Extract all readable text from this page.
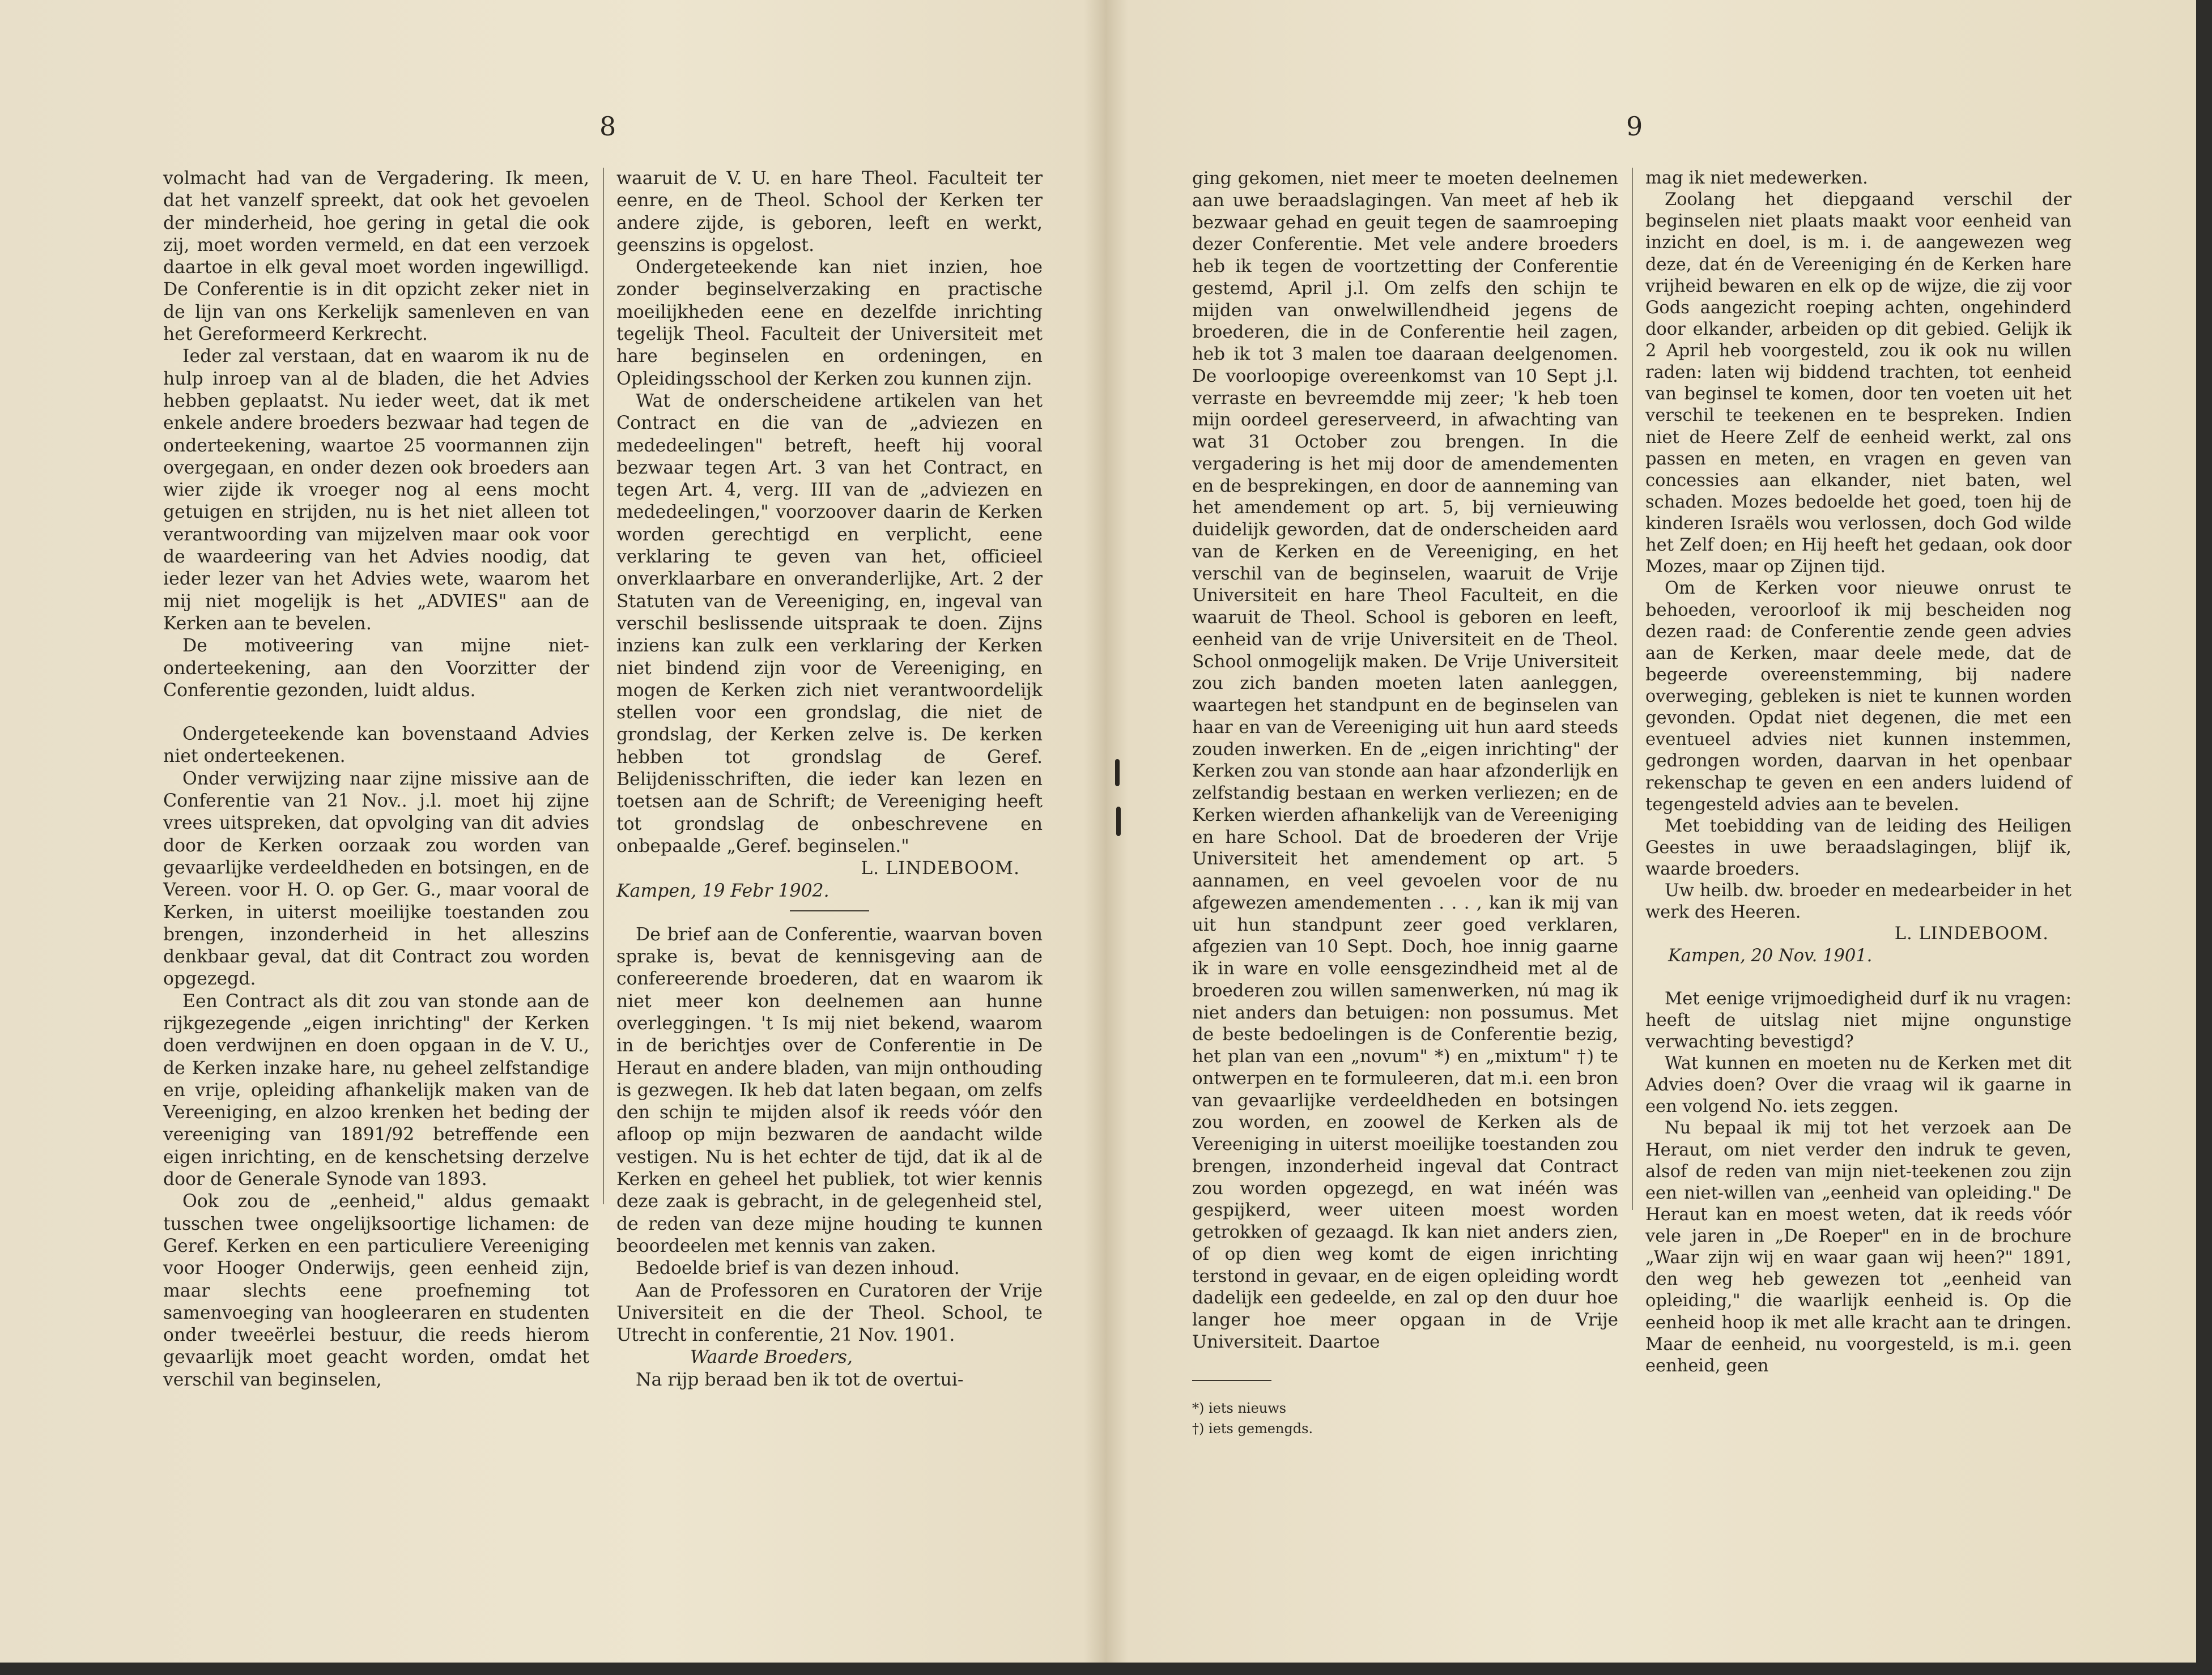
8	9

volmacht had van de Vergadering. Ik meen, dat het vanzelf spreekt, dat ook het gevoelen der minderheid, hoe gering in getal die ook zij, moet worden vermeld, en dat een verzoek daartoe in elk geval moet worden ingewilligd. De Conferentie is in dit opzicht zeker niet in de lijn van ons Kerkelijk samenleven en van het Gereformeerd Kerkrecht.

Ieder zal verstaan, dat en waarom ik nu de hulp inroep van al de bladen, die het Advies hebben geplaatst. Nu ieder weet, dat ik met enkele andere broeders bezwaar had tegen de onderteekening, waartoe 25 voormannen zijn overgegaan, en onder dezen ook broeders aan wier zijde ik vroeger nog al eens mocht getuigen en strijden, nu is het niet alleen tot verantwoording van mijzelven maar ook voor de waardeering van het Advies noodig, dat ieder lezer van het Advies wete, waarom het mij niet mogelijk is het „ADVIES" aan de Kerken aan te bevelen.

De motiveering van mijne niet-onderteekening, aan den Voorzitter der Conferentie gezonden, luidt aldus.

Ondergeteekende kan bovenstaand Advies niet onderteekenen.

Onder verwijzing naar zijne missive aan de Conferentie van 21 Nov.. j.l. moet hij zijne vrees uitspreken, dat opvolging van dit advies door de Kerken oorzaak zou worden van gevaarlijke verdeeldheden en botsingen, en de Vereen. voor H. O. op Ger. G., maar vooral de Kerken, in uiterst moeilijke toestanden zou brengen, inzonderheid in het alleszins denkbaar geval, dat dit Contract zou worden opgezegd.

Een Contract als dit zou van stonde aan de rijkgezegende „eigen inrichting" der Kerken doen verdwijnen en doen opgaan in de V. U., de Kerken inzake hare, nu geheel zelfstandige en vrije, opleiding afhankelijk maken van de Vereeniging, en alzoo krenken het beding der vereeniging van 1891/92 betreffende een eigen inrichting, en de kenschetsing derzelve door de Generale Synode van 1893.

Ook zou de „eenheid," aldus gemaakt tusschen twee ongelijksoortige lichamen: de Geref. Kerken en een particuliere Vereeniging voor Hooger Onderwijs, geen eenheid zijn, maar slechts eene proefneming tot samenvoeging van hoogleeraren en studenten onder tweeërlei bestuur, die reeds hierom gevaarlijk moet geacht worden, omdat het verschil van beginselen,

waaruit de V. U. en hare Theol. Faculteit ter eenre, en de Theol. School der Kerken ter andere zijde, is geboren, leeft en werkt, geenszins is opgelost.

Ondergeteekende kan niet inzien, hoe zonder beginselverzaking en practische moeilijkheden eene en dezelfde inrichting tegelijk Theol. Faculteit der Universiteit met hare beginselen en ordeningen, en Opleidingsschool der Kerken zou kunnen zijn.

Wat de onderscheidene artikelen van het Contract en die van de „adviezen en mededeelingen" betreft, heeft hij vooral bezwaar tegen Art. 3 van het Contract, en tegen Art. 4, verg. III van de „adviezen en mededeelingen," voorzoover daarin de Kerken worden gerechtigd en verplicht, eene verklaring te geven van het, officieel onverklaarbare en onveranderlijke, Art. 2 der Statuten van de Vereeniging, en, ingeval van verschil beslissende uitspraak te doen. Zijns inziens kan zulk een verklaring der Kerken niet bindend zijn voor de Vereeniging, en mogen de Kerken zich niet verantwoordelijk stellen voor een grondslag, die niet de grondslag, der Kerken zelve is. De kerken hebben tot grondslag de Geref. Belijdenisschriften, die ieder kan lezen en toetsen aan de Schrift; de Vereeniging heeft tot grondslag de onbeschrevene en onbepaalde „Geref. beginselen."

L. LINDEBOOM.

Kampen, 19 Febr 1902.

De brief aan de Conferentie, waarvan boven sprake is, bevat de kennisgeving aan de confereerende broederen, dat en waarom ik niet meer kon deelnemen aan hunne overleggingen. 't Is mij niet bekend, waarom in de berichtjes over de Conferentie in De Heraut en andere bladen, van mijn onthouding is gezwegen. Ik heb dat laten begaan, om zelfs den schijn te mijden alsof ik reeds vóór den afloop op mijn bezwaren de aandacht wilde vestigen. Nu is het echter de tijd, dat ik al de Kerken en geheel het publiek, tot wier kennis deze zaak is gebracht, in de gelegenheid stel, de reden van deze mijne houding te kunnen beoordeelen met kennis van zaken.

Bedoelde brief is van dezen inhoud.

Aan de Professoren en Curatoren der Vrije Universiteit en die der Theol. School, te Utrecht in conferentie, 21 Nov. 1901.

Waarde Broeders,

Na rijp beraad ben ik tot de overtui-

ging gekomen, niet meer te moeten deelnemen aan uwe beraadslagingen. Van meet af heb ik bezwaar gehad en geuit tegen de saamroeping dezer Conferentie. Met vele andere broeders heb ik tegen de voortzetting der Conferentie gestemd, April j.l. Om zelfs den schijn te mijden van onwelwillendheid jegens de broederen, die in de Conferentie heil zagen, heb ik tot 3 malen toe daaraan deelgenomen. De voorloopige overeenkomst van 10 Sept j.l. verraste en bevreemdde mij zeer; 'k heb toen mijn oordeel gereserveerd, in afwachting van wat 31 October zou brengen. In die vergadering is het mij door de amendementen en de besprekingen, en door de aanneming van het amendement op art. 5, bij vernieuwing duidelijk geworden, dat de onderscheiden aard van de Kerken en de Vereeniging, en het verschil van de beginselen, waaruit de Vrije Universiteit en hare Theol Faculteit, en die waaruit de Theol. School is geboren en leeft, eenheid van de vrije Universiteit en de Theol. School onmogelijk maken. De Vrije Universiteit zou zich banden moeten laten aanleggen, waartegen het standpunt en de beginselen van haar en van de Vereeniging uit hun aard steeds zouden inwerken. En de „eigen inrichting" der Kerken zou van stonde aan haar afzonderlijk en zelfstandig bestaan en werken verliezen; en de Kerken wierden afhankelijk van de Vereeniging en hare School. Dat de broederen der Vrije Universiteit het amendement op art. 5 aannamen, en veel gevoelen voor de nu afgewezen amendementen . . . , kan ik mij van uit hun standpunt zeer goed verklaren, afgezien van 10 Sept. Doch, hoe innig gaarne ik in ware en volle eensgezindheid met al de broederen zou willen samenwerken, nú mag ik niet anders dan betuigen: non possumus. Met de beste bedoelingen is de Conferentie bezig, het plan van een „novum" *) en „mixtum" †) te ontwerpen en te formuleeren, dat m.i. een bron van gevaarlijke verdeeldheden en botsingen zou worden, en zoowel de Kerken als de Vereeniging in uiterst moeilijke toestanden zou brengen, inzonderheid ingeval dat Contract zou worden opgezegd, en wat inéén was gespijkerd, weer uiteen moest worden getrokken of gezaagd. Ik kan niet anders zien, of op dien weg komt de eigen inrichting terstond in gevaar, en de eigen opleiding wordt dadelijk een gedeelde, en zal op den duur hoe langer hoe meer opgaan in de Vrije Universiteit. Daartoe

*) iets nieuws
†) iets gemengds.

mag ik niet medewerken.

Zoolang het diepgaand verschil der beginselen niet plaats maakt voor eenheid van inzicht en doel, is m. i. de aangewezen weg deze, dat én de Vereeniging én de Kerken hare vrijheid bewaren en elk op de wijze, die zij voor Gods aangezicht roeping achten, ongehinderd door elkander, arbeiden op dit gebied. Gelijk ik 2 April heb voorgesteld, zou ik ook nu willen raden: laten wij biddend trachten, tot eenheid van beginsel te komen, door ten voeten uit het verschil te teekenen en te bespreken. Indien niet de Heere Zelf de eenheid werkt, zal ons passen en meten, en vragen en geven van concessies aan elkander, niet baten, wel schaden. Mozes bedoelde het goed, toen hij de kinderen Israëls wou verlossen, doch God wilde het Zelf doen; en Hij heeft het gedaan, ook door Mozes, maar op Zijnen tijd.

Om de Kerken voor nieuwe onrust te behoeden, veroorloof ik mij bescheiden nog dezen raad: de Conferentie zende geen advies aan de Kerken, maar deele mede, dat de begeerde overeenstemming, bij nadere overweging, gebleken is niet te kunnen worden gevonden. Opdat niet degenen, die met een eventueel advies niet kunnen instemmen, gedrongen worden, daarvan in het openbaar rekenschap te geven en een anders luidend of tegengesteld advies aan te bevelen.

Met toebidding van de leiding des Heiligen Geestes in uwe beraadslagingen, blijf ik, waarde broeders.

Uw heilb. dw. broeder en medearbeider in het werk des Heeren.

L. LINDEBOOM.

Kampen, 20 Nov. 1901.

Met eenige vrijmoedigheid durf ik nu vragen: heeft de uitslag niet mijne ongunstige verwachting bevestigd?

Wat kunnen en moeten nu de Kerken met dit Advies doen? Over die vraag wil ik gaarne in een volgend No. iets zeggen.

Nu bepaal ik mij tot het verzoek aan De Heraut, om niet verder den indruk te geven, alsof de reden van mijn niet-teekenen zou zijn een niet-willen van „eenheid van opleiding." De Heraut kan en moest weten, dat ik reeds vóór vele jaren in „De Roeper" en in de brochure „Waar zijn wij en waar gaan wij heen?" 1891, den weg heb gewezen tot „eenheid van opleiding," die waarlijk eenheid is. Op die eenheid hoop ik met alle kracht aan te dringen. Maar de eenheid, nu voorgesteld, is m.i. geen eenheid, geen
